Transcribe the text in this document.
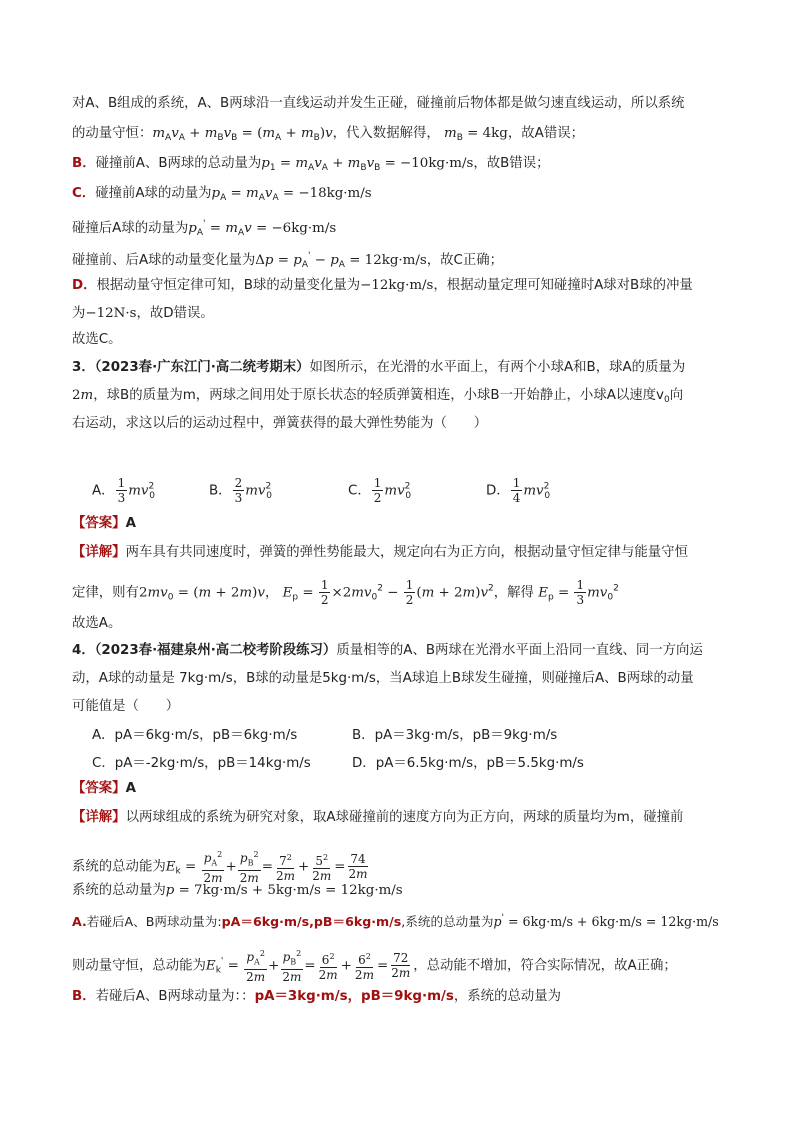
对A、B组成的系统，A、B两球沿一直线运动并发生正碰，碰撞前后物体都是做匀速直线运动，所以系统
的动量守恒：$m_Av_A + m_Bv_B = (m_A + m_B)v$，代入数据解得， $m_B = 4kg$，故A错误；
B．碰撞前A、B两球的总动量为$p_1 = m_Av_A + m_Bv_B = -10kg\cdot m/s$，故B错误；
C．碰撞前A球的动量为$p_A = m_Av_A = -18kg\cdot m/s$
碰撞后A球的动量为$p_A' = m_Av = -6kg\cdot m/s$
碰撞前、后A球的动量变化量为$\Delta p = p_A' - p_A = 12kg\cdot m/s$，故C正确；
D．根据动量守恒定律可知，B球的动量变化量为−12kg·m/s，根据动量定理可知碰撞时A球对B球的冲量
为−12N·s，故D错误。
故选C。
3．（2023春·广东江门·高二统考期末）如图所示，在光滑的水平面上，有两个小球A和B，球A的质量为
2m，球B的质量为m，两球之间用处于原长状态的轻质弹簧相连，小球B一开始静止，小球A以速度$v_0$向
右运动，求这以后的运动过程中，弹簧获得的最大弹性势能为（　　）
A． $\frac{1}{3} mv^2_0$	B． $\frac{2}{3} mv^2_0$	C． $\frac{1}{2} mv^2_0$	D． $\frac{1}{4} mv^2_0$
【答案】A
【详解】两车具有共同速度时，弹簧的弹性势能最大，规定向右为正方向，根据动量守恒定律与能量守恒
定律，则有$2mv_0 = (m + 2m)v$， $E_p = \frac{1}{2} \times 2mv_0^2 - \frac{1}{2} (m + 2m)v^2$，解得 $E_p = \frac{1}{3} mv_0^2$
故选A。
4．（2023春·福建泉州·高二校考阶段练习）质量相等的A、B两球在光滑水平面上沿同一直线、同一方向运
动，A球的动量是 7kg·m/s，B球的动量是5kg·m/s，当A球追上B球发生碰撞，则碰撞后A、B两球的动量
可能值是（　　）
A．pA＝6kg·m/s，pB＝6kg·m/s	B．pA＝3kg·m/s，pB＝9kg·m/s
C．pA＝-2kg·m/s，pB＝14kg·m/s	D．pA＝6.5kg·m/s，pB＝5.5kg·m/s
【答案】A
【详解】以两球组成的系统为研究对象，取A球碰撞前的速度方向为正方向，两球的质量均为m，碰撞前
系统的总动能为$E_k = \frac{p_A^2}{2m} + \frac{p_B^2}{2m} = \frac{7^2}{2m} + \frac{5^2}{2m} = \frac{74}{2m}$
系统的总动量为p = 7kg·m/s + 5kg·m/s = 12kg·m/s
A.若碰后A、B两球动量为:pA＝6kg·m/s,pB＝6kg·m/s,系统的总动量为p' = 6kg·m/s + 6kg·m/s = 12kg·m/s
则动量守恒，总动能为$E_k' = \frac{p_A^2}{2m} + \frac{p_B^2}{2m} = \frac{6^2}{2m} + \frac{6^2}{2m} = \frac{72}{2m}$ ，总动能不增加，符合实际情况，故A正确；
B．若碰后A、B两球动量为：：pA＝3kg·m/s，pB＝9kg·m/s，系统的总动量为
